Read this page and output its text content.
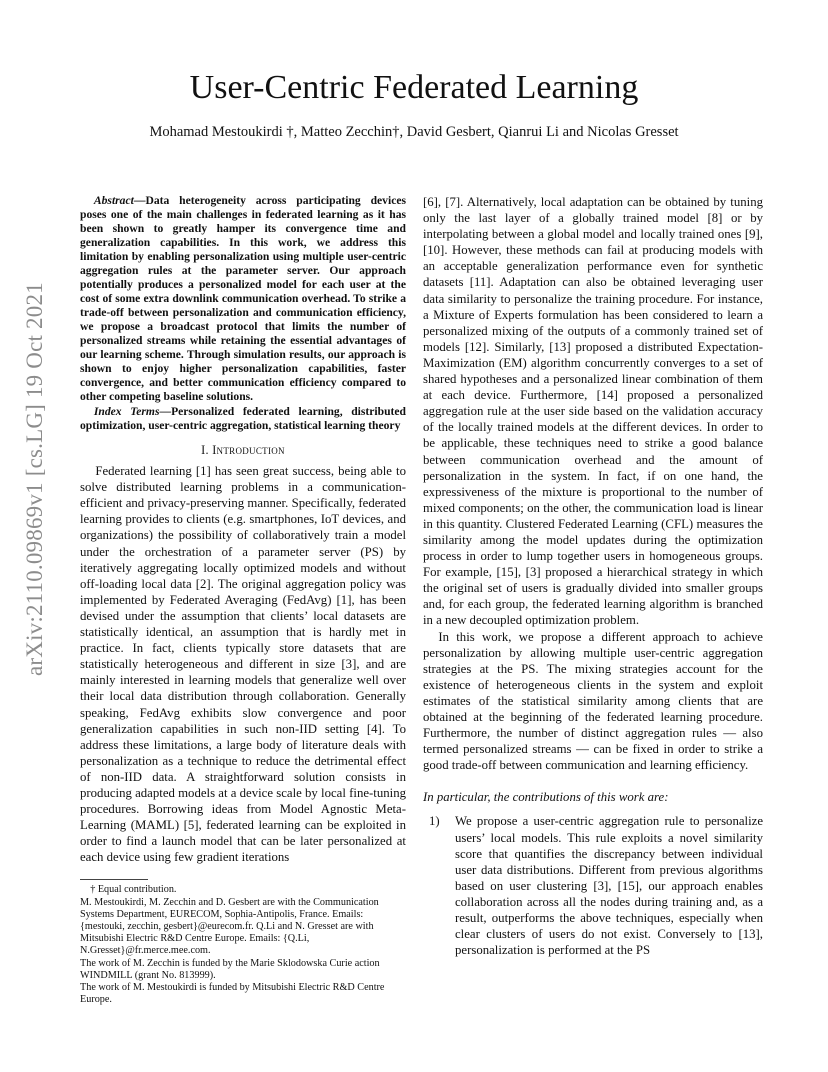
User-Centric Federated Learning
Mohamad Mestoukirdi †, Matteo Zecchin†, David Gesbert, Qianrui Li and Nicolas Gresset
arXiv:2110.09869v1 [cs.LG] 19 Oct 2021

Abstract—Data heterogeneity across participating devices poses one of the main challenges in federated learning as it has been shown to greatly hamper its convergence time and generalization capabilities. In this work, we address this limitation by enabling personalization using multiple user-centric aggregation rules at the parameter server. Our approach potentially produces a personalized model for each user at the cost of some extra downlink communication overhead. To strike a trade-off between personalization and communication efficiency, we propose a broadcast protocol that limits the number of personalized streams while retaining the essential advantages of our learning scheme. Through simulation results, our approach is shown to enjoy higher personalization capabilities, faster convergence, and better communication efficiency compared to other competing baseline solutions.

Index Terms—Personalized federated learning, distributed optimization, user-centric aggregation, statistical learning theory

I. Introduction

Federated learning [1] has seen great success, being able to solve distributed learning problems in a communication-efficient and privacy-preserving manner. Specifically, federated learning provides to clients (e.g. smartphones, IoT devices, and organizations) the possibility of collaboratively train a model under the orchestration of a parameter server (PS) by iteratively aggregating locally optimized models and without off-loading local data [2]. The original aggregation policy was implemented by Federated Averaging (FedAvg) [1], has been devised under the assumption that clients’ local datasets are statistically identical, an assumption that is hardly met in practice. In fact, clients typically store datasets that are statistically heterogeneous and different in size [3], and are mainly interested in learning models that generalize well over their local data distribution through collaboration. Generally speaking, FedAvg exhibits slow convergence and poor generalization capabilities in such non-IID setting [4]. To address these limitations, a large body of literature deals with personalization as a technique to reduce the detrimental effect of non-IID data. A straightforward solution consists in producing adapted models at a device scale by local fine-tuning procedures. Borrowing ideas from Model Agnostic Meta-Learning (MAML) [5], federated learning can be exploited in order to find a launch model that can be later personalized at each device using few gradient iterations

† Equal contribution.
M. Mestoukirdi, M. Zecchin and D. Gesbert are with the Communication Systems Department, EURECOM, Sophia-Antipolis, France. Emails: {mestouki, zecchin, gesbert}@eurecom.fr. Q.Li and N. Gresset are with Mitsubishi Electric R&D Centre Europe. Emails: {Q.Li, N.Gresset}@fr.merce.mee.com.
The work of M. Zecchin is funded by the Marie Sklodowska Curie action WINDMILL (grant No. 813999).
The work of M. Mestoukirdi is funded by Mitsubishi Electric R&D Centre Europe.

[6], [7]. Alternatively, local adaptation can be obtained by tuning only the last layer of a globally trained model [8] or by interpolating between a global model and locally trained ones [9], [10]. However, these methods can fail at producing models with an acceptable generalization performance even for synthetic datasets [11]. Adaptation can also be obtained leveraging user data similarity to personalize the training procedure. For instance, a Mixture of Experts formulation has been considered to learn a personalized mixing of the outputs of a commonly trained set of models [12]. Similarly, [13] proposed a distributed Expectation-Maximization (EM) algorithm concurrently converges to a set of shared hypotheses and a personalized linear combination of them at each device. Furthermore, [14] proposed a personalized aggregation rule at the user side based on the validation accuracy of the locally trained models at the different devices. In order to be applicable, these techniques need to strike a good balance between communication overhead and the amount of personalization in the system. In fact, if on one hand, the expressiveness of the mixture is proportional to the number of mixed components; on the other, the communication load is linear in this quantity. Clustered Federated Learning (CFL) measures the similarity among the model updates during the optimization process in order to lump together users in homogeneous groups. For example, [15], [3] proposed a hierarchical strategy in which the original set of users is gradually divided into smaller groups and, for each group, the federated learning algorithm is branched in a new decoupled optimization problem.

In this work, we propose a different approach to achieve personalization by allowing multiple user-centric aggregation strategies at the PS. The mixing strategies account for the existence of heterogeneous clients in the system and exploit estimates of the statistical similarity among clients that are obtained at the beginning of the federated learning procedure. Furthermore, the number of distinct aggregation rules — also termed personalized streams — can be fixed in order to strike a good trade-off between communication and learning efficiency.

In particular, the contributions of this work are:

1)	We propose a user-centric aggregation rule to personalize users’ local models. This rule exploits a novel similarity score that quantifies the discrepancy between individual user data distributions. Different from previous algorithms based on user clustering [3], [15], our approach enables collaboration across all the nodes during training and, as a result, outperforms the above techniques, especially when clear clusters of users do not exist. Conversely to [13], personalization is performed at the PS
